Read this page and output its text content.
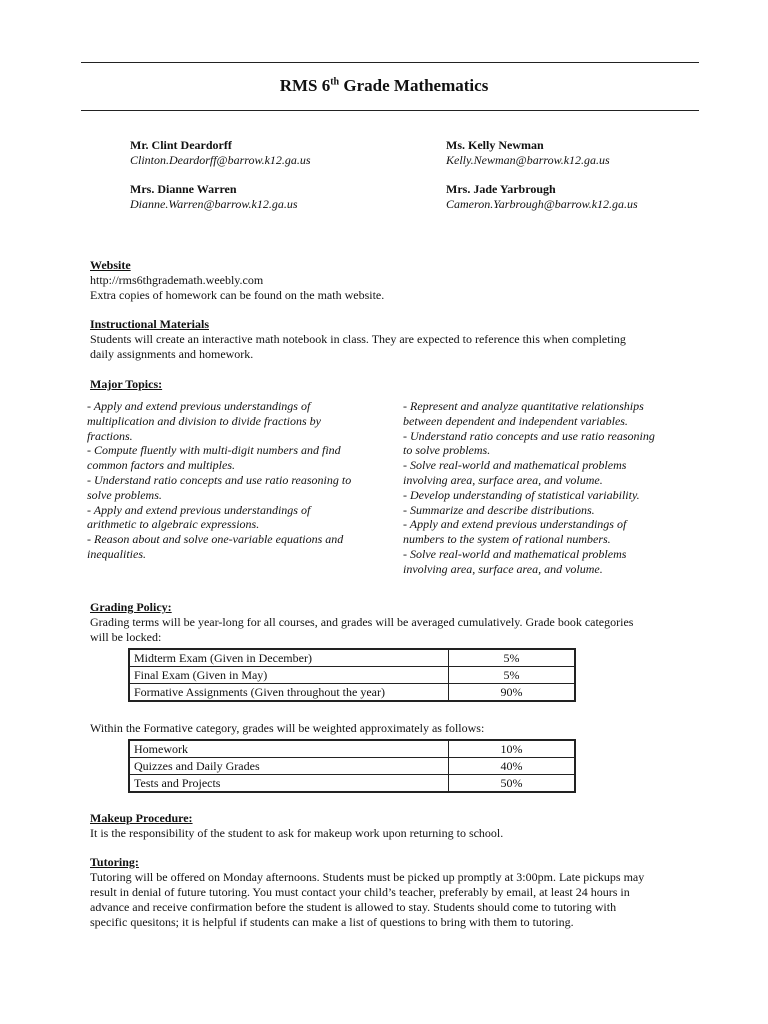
RMS 6th Grade Mathematics
Mr. Clint Deardorff
Clinton.Deardorff@barrow.k12.ga.us
Ms. Kelly Newman
Kelly.Newman@barrow.k12.ga.us
Mrs. Dianne Warren
Dianne.Warren@barrow.k12.ga.us
Mrs. Jade Yarbrough
Cameron.Yarbrough@barrow.k12.ga.us
Website
http://rms6thgrademath.weebly.com
Extra copies of homework can be found on the math website.
Instructional Materials
Students will create an interactive math notebook in class. They are expected to reference this when completing
daily assignments and homework.
Major Topics:
- Apply and extend previous understandings of
multiplication and division to divide fractions by
fractions.
- Compute fluently with multi-digit numbers and find
common factors and multiples.
- Understand ratio concepts and use ratio reasoning to
solve problems.
- Apply and extend previous understandings of
arithmetic to algebraic expressions.
- Reason about and solve one-variable equations and
inequalities.
- Represent and analyze quantitative relationships
between dependent and independent variables.
- Understand ratio concepts and use ratio reasoning
to solve problems.
- Solve real-world and mathematical problems
involving area, surface area, and volume.
- Develop understanding of statistical variability.
- Summarize and describe distributions.
- Apply and extend previous understandings of
numbers to the system of rational numbers.
- Solve real-world and mathematical problems
involving area, surface area, and volume.
Grading Policy:
Grading terms will be year-long for all courses, and grades will be averaged cumulatively. Grade book categories
will be locked:
Midterm Exam (Given in December)	5%
Final Exam (Given in May)	5%
Formative Assignments (Given throughout the year)	90%
Within the Formative category, grades will be weighted approximately as follows:
Homework	10%
Quizzes and Daily Grades	40%
Tests and Projects	50%
Makeup Procedure:
It is the responsibility of the student to ask for makeup work upon returning to school.
Tutoring:
Tutoring will be offered on Monday afternoons. Students must be picked up promptly at 3:00pm. Late pickups may
result in denial of future tutoring. You must contact your child’s teacher, preferably by email, at least 24 hours in
advance and receive confirmation before the student is allowed to stay. Students should come to tutoring with
specific quesitons; it is helpful if students can make a list of questions to bring with them to tutoring.
